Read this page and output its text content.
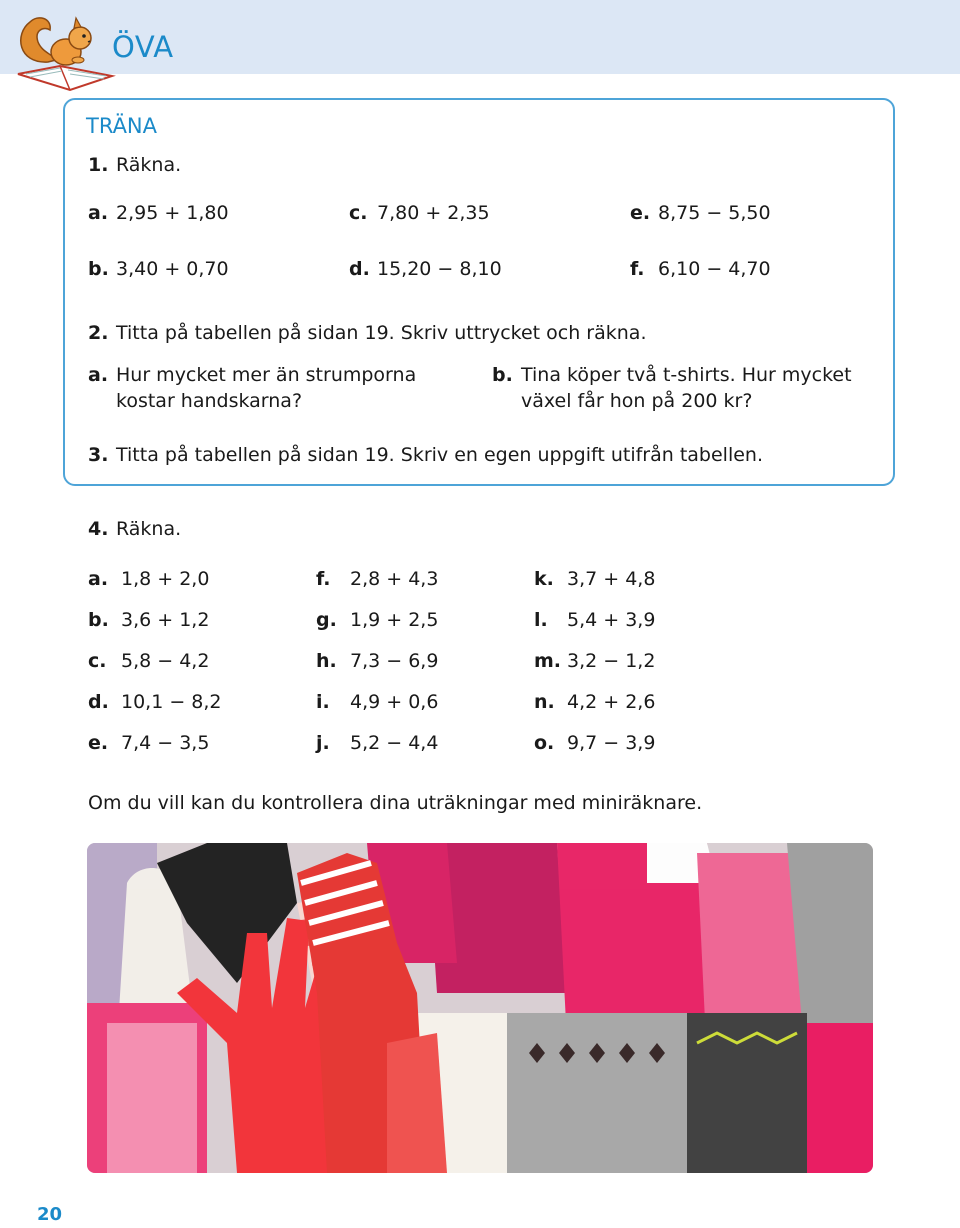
ÖVA
TRÄNA
1. Räkna.
a. 2,95 + 1,80
b. 3,40 + 0,70
c. 7,80 + 2,35
d. 15,20 − 8,10
e. 8,75 − 5,50
f. 6,10 − 4,70
2. Titta på tabellen på sidan 19. Skriv uttrycket och räkna.
a. Hur mycket mer än strumporna
kostar handskarna?
b. Tina köper två t-shirts. Hur mycket
växel får hon på 200 kr?
3. Titta på tabellen på sidan 19. Skriv en egen uppgift utifrån tabellen.
4. Räkna.
a. 1,8 + 2,0
b. 3,6 + 1,2
c. 5,8 − 4,2
d. 10,1 − 8,2
e. 7,4 − 3,5
f. 2,8 + 4,3
g. 1,9 + 2,5
h. 7,3 − 6,9
i. 4,9 + 0,6
j. 5,2 − 4,4
k. 3,7 + 4,8
l. 5,4 + 3,9
m. 3,2 − 1,2
n. 4,2 + 2,6
o. 9,7 − 3,9
Om du vill kan du kontrollera dina uträkningar med miniräknare.
20
